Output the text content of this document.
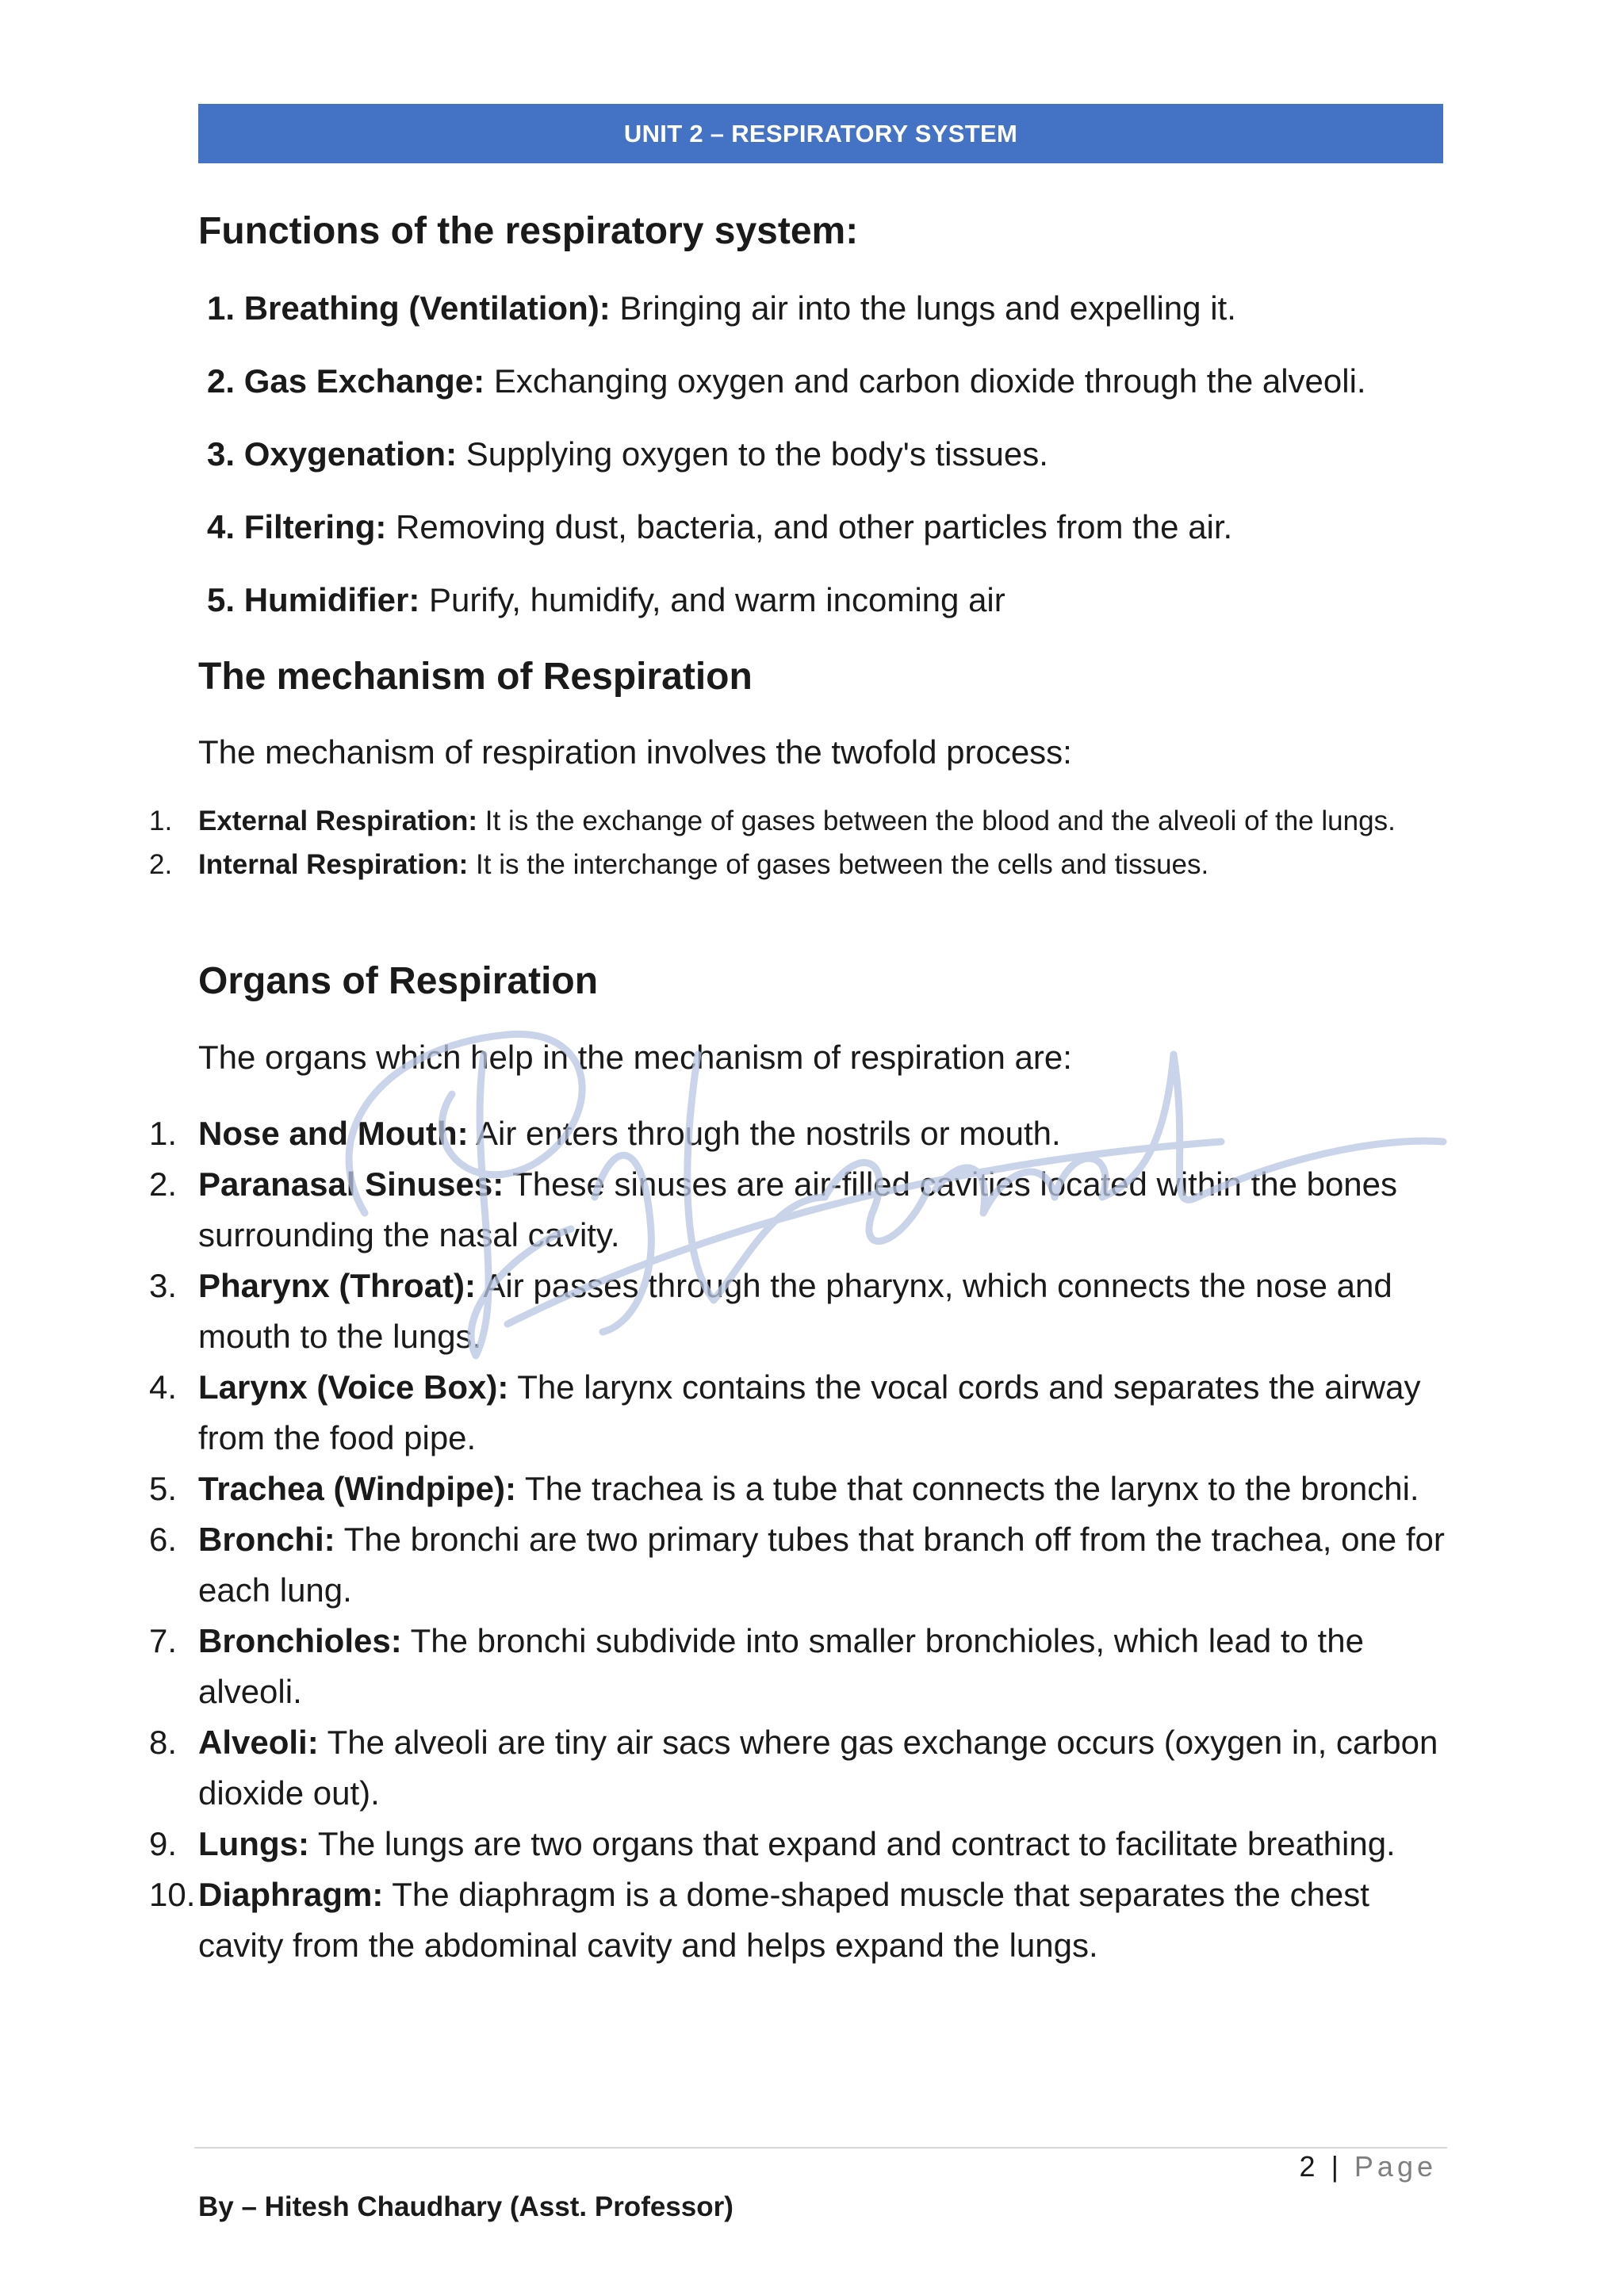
UNIT 2 – RESPIRATORY SYSTEM
Functions of the respiratory system:
1. Breathing (Ventilation): Bringing air into the lungs and expelling it.
2. Gas Exchange: Exchanging oxygen and carbon dioxide through the alveoli.
3. Oxygenation: Supplying oxygen to the body's tissues.
4. Filtering: Removing dust, bacteria, and other particles from the air.
5. Humidifier: Purify, humidify, and warm incoming air
The mechanism of Respiration
The mechanism of respiration involves the twofold process:
1. External Respiration: It is the exchange of gases between the blood and the alveoli of the lungs.
2. Internal Respiration: It is the interchange of gases between the cells and tissues.
Organs of Respiration
The organs which help in the mechanism of respiration are:
1. Nose and Mouth: Air enters through the nostrils or mouth.
2. Paranasal Sinuses: These sinuses are air-filled cavities located within the bones surrounding the nasal cavity.
3. Pharynx (Throat): Air passes through the pharynx, which connects the nose and mouth to the lungs.
4. Larynx (Voice Box): The larynx contains the vocal cords and separates the airway from the food pipe.
5. Trachea (Windpipe): The trachea is a tube that connects the larynx to the bronchi.
6. Bronchi: The bronchi are two primary tubes that branch off from the trachea, one for each lung.
7. Bronchioles: The bronchi subdivide into smaller bronchioles, which lead to the alveoli.
8. Alveoli: The alveoli are tiny air sacs where gas exchange occurs (oxygen in, carbon dioxide out).
9. Lungs: The lungs are two organs that expand and contract to facilitate breathing.
10. Diaphragm: The diaphragm is a dome-shaped muscle that separates the chest cavity from the abdominal cavity and helps expand the lungs.
2 | Page
By – Hitesh Chaudhary (Asst. Professor)
